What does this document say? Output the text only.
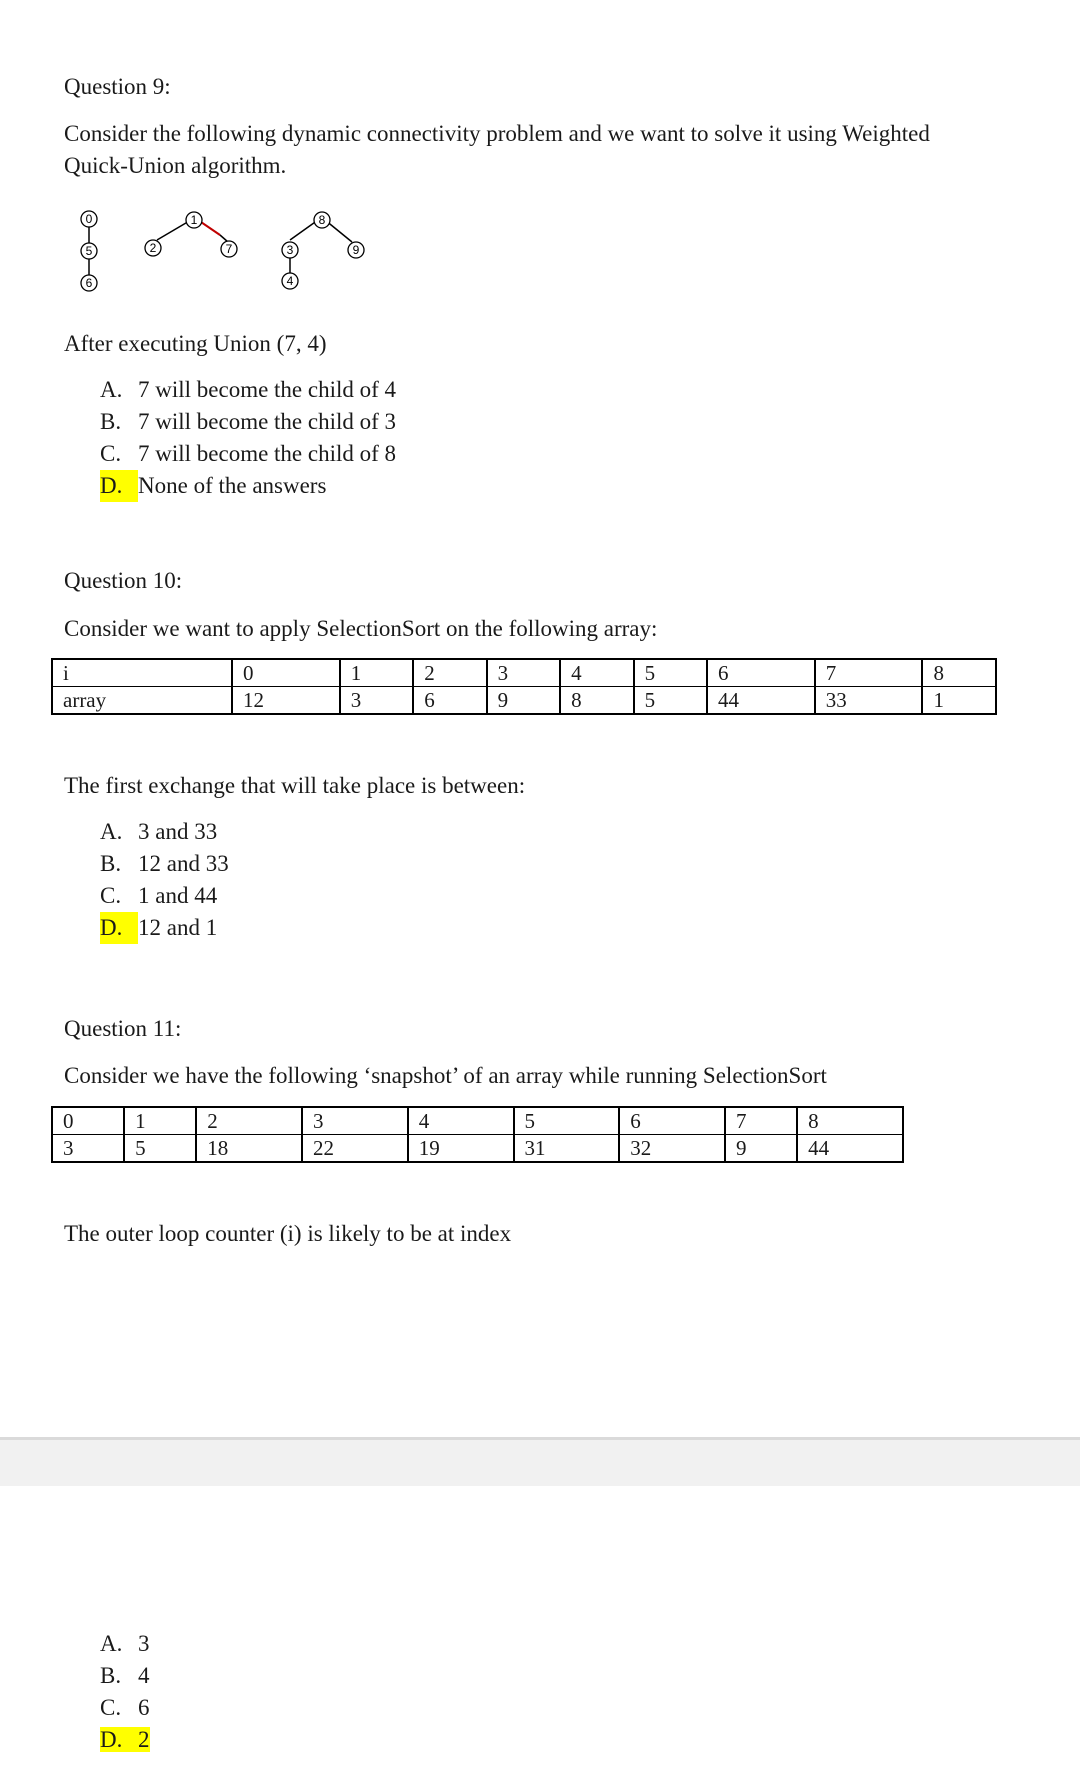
Question 9:
Consider the following dynamic connectivity problem and we want to solve it using Weighted
Quick-Union algorithm.
0
5
6
1
2	7
8
3
4
9
After executing Union (7, 4)
A. 7 will become the child of 4
B. 7 will become the child of 3
C. 7 will become the child of 8
D. None of the answers
Question 10:
Consider we want to apply SelectionSort on the following array:
i	0	1	2	3	4	5	6	7	8
array	12	3	6	9	8	5	44	33	1
The first exchange that will take place is between:
A. 3 and 33
B. 12 and 33
C. 1 and 44
D. 12 and 1
Question 11:
Consider we have the following ‘snapshot’ of an array while running SelectionSort
0	1	2	3	4	5	6	7	8
3	5	18	22	19	31	32	9	44
The outer loop counter (i) is likely to be at index
A. 3
B. 4
C. 6
D. 2
